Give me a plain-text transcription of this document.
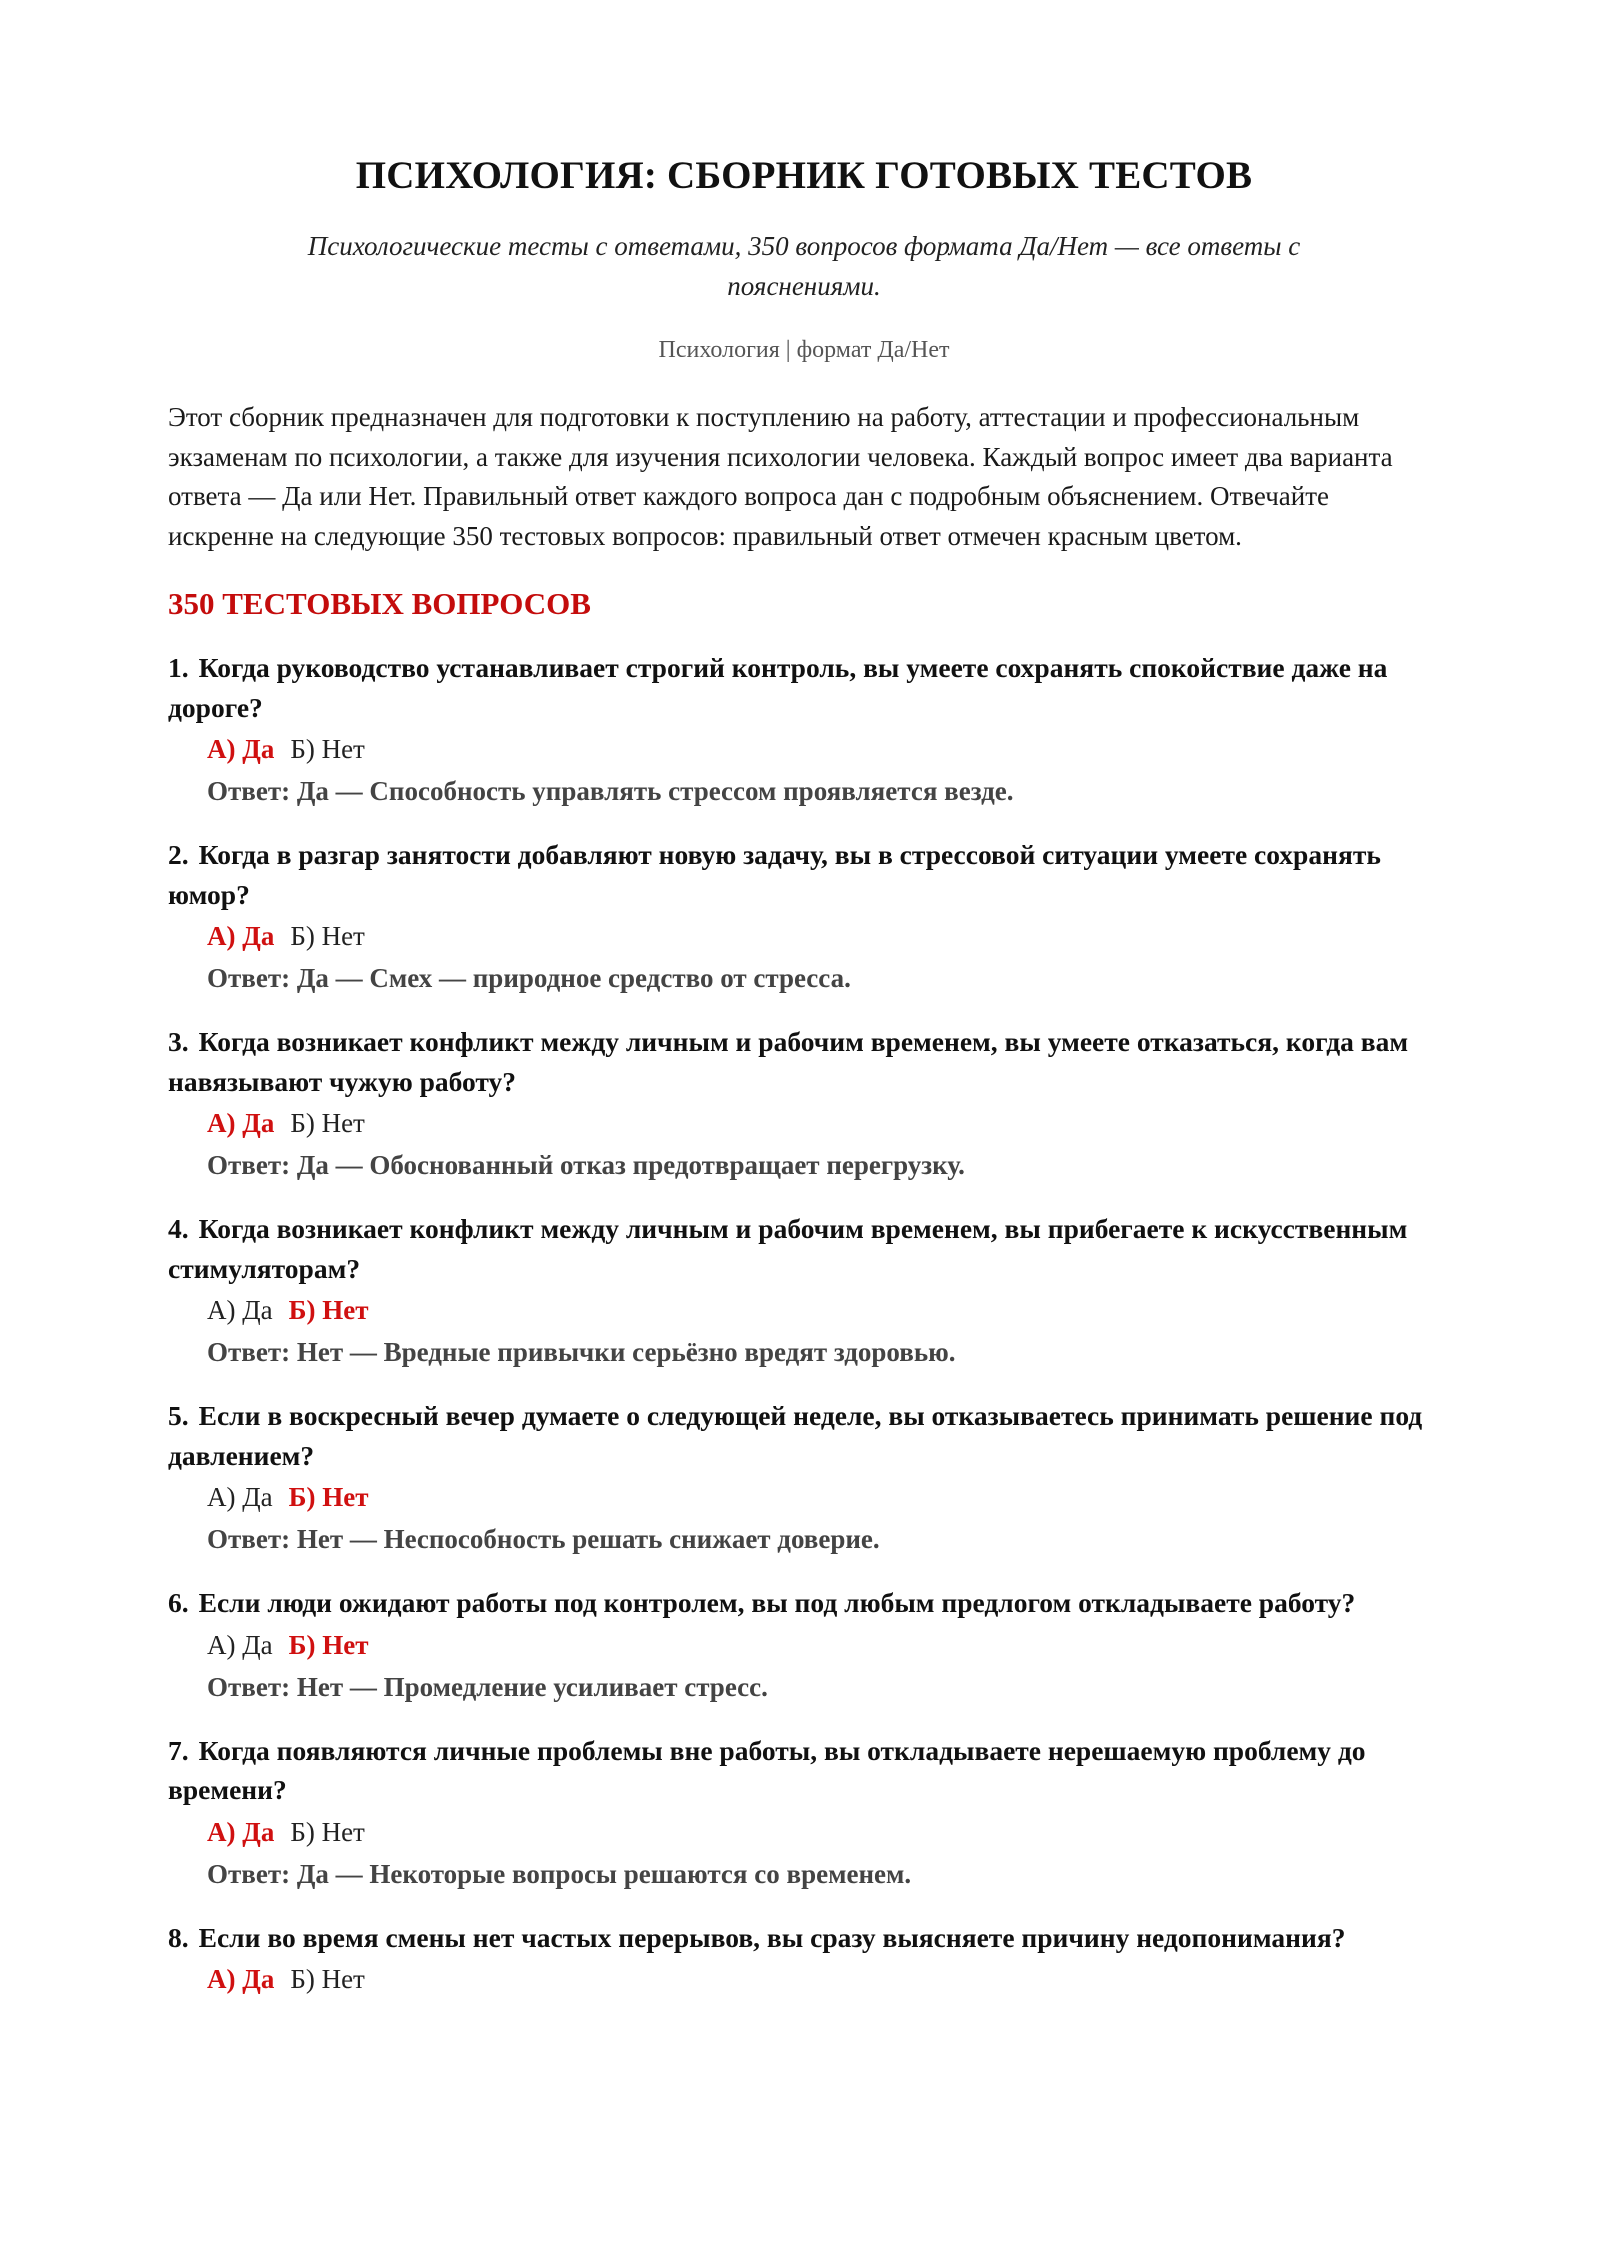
ПСИХОЛОГИЯ: СБОРНИК ГОТОВЫХ ТЕСТОВ
Психологические тесты с ответами, 350 вопросов формата Да/Нет — все ответы с пояснениями.
Психология | формат Да/Нет
Этот сборник предназначен для подготовки к поступлению на работу, аттестации и профессиональным экзаменам по психологии, а также для изучения психологии человека. Каждый вопрос имеет два варианта ответа — Да или Нет. Правильный ответ каждого вопроса дан с подробным объяснением. Отвечайте искренне на следующие 350 тестовых вопросов: правильный ответ отмечен красным цветом.
350 ТЕСТОВЫХ ВОПРОСОВ
1. Когда руководство устанавливает строгий контроль, вы умеете сохранять спокойствие даже на дороге?
А) Да Б) Нет
Ответ: Да — Способность управлять стрессом проявляется везде.
2. Когда в разгар занятости добавляют новую задачу, вы в стрессовой ситуации умеете сохранять юмор?
А) Да Б) Нет
Ответ: Да — Смех — природное средство от стресса.
3. Когда возникает конфликт между личным и рабочим временем, вы умеете отказаться, когда вам навязывают чужую работу?
А) Да Б) Нет
Ответ: Да — Обоснованный отказ предотвращает перегрузку.
4. Когда возникает конфликт между личным и рабочим временем, вы прибегаете к искусственным стимуляторам?
А) Да Б) Нет
Ответ: Нет — Вредные привычки серьёзно вредят здоровью.
5. Если в воскресный вечер думаете о следующей неделе, вы отказываетесь принимать решение под давлением?
А) Да Б) Нет
Ответ: Нет — Неспособность решать снижает доверие.
6. Если люди ожидают работы под контролем, вы под любым предлогом откладываете работу?
А) Да Б) Нет
Ответ: Нет — Промедление усиливает стресс.
7. Когда появляются личные проблемы вне работы, вы откладываете нерешаемую проблему до времени?
А) Да Б) Нет
Ответ: Да — Некоторые вопросы решаются со временем.
8. Если во время смены нет частых перерывов, вы сразу выясняете причину недопонимания?
А) Да Б) Нет
